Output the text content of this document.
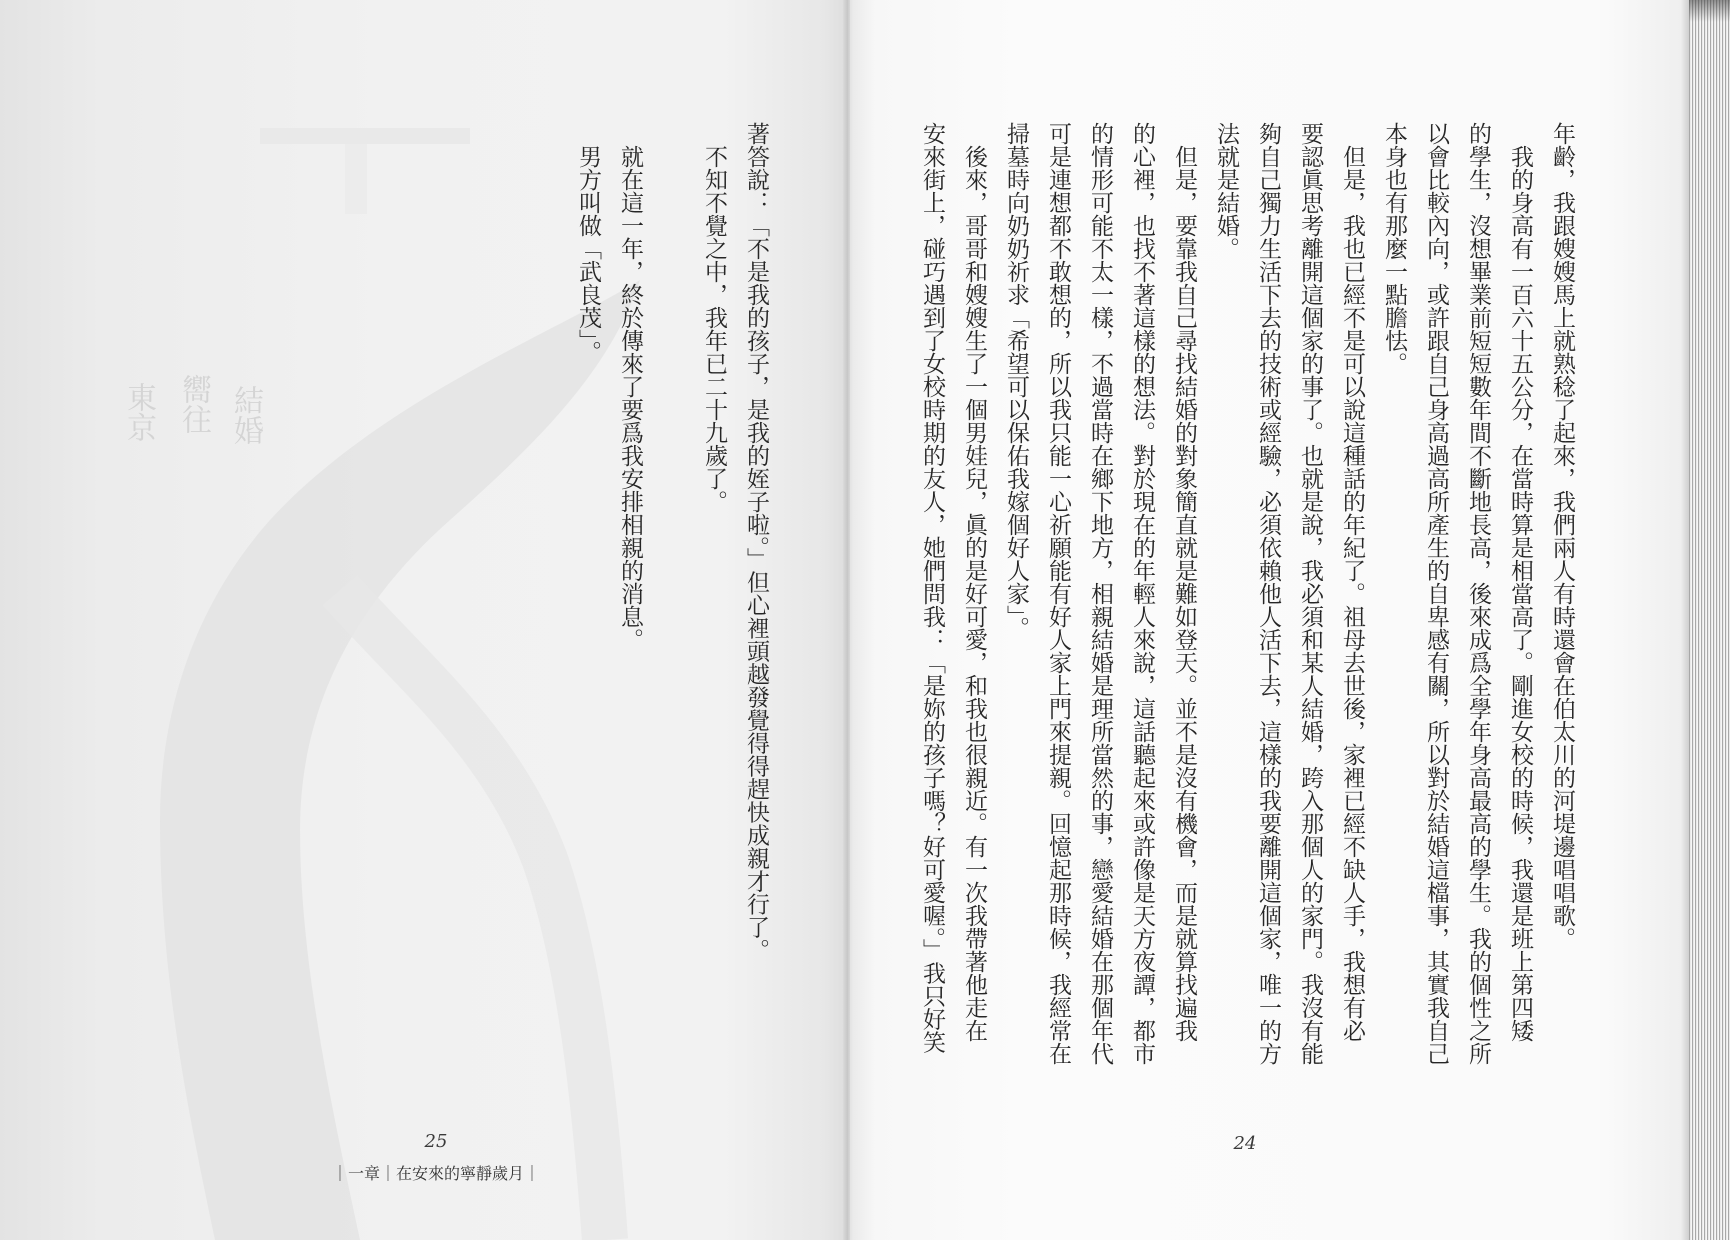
結婚
嚮往
東京	著答說：「不是我的孩子，是我的姪子啦。」但心裡頭越發覺得得趕快成親才行了。
不知不覺之中，我年已二十九歲了。
就在這一年，終於傳來了要爲我安排相親的消息。
男方叫做「武良茂」。
25
｜一章｜在安來的寧靜歲月｜
年齡，我跟嫂嫂馬上就熟稔了起來，我們兩人有時還會在伯太川的河堤邊唱唱歌。
我的身高有一百六十五公分，在當時算是相當高了。剛進女校的時候，我還是班上第四矮
的學生，沒想畢業前短短數年間不斷地長高，後來成爲全學年身高最高的學生。我的個性之所
以會比較內向，或許跟自己身高過高所產生的自卑感有關，所以對於結婚這檔事，其實我自己
本身也有那麼一點膽怯。
但是，我也已經不是可以說這種話的年紀了。祖母去世後，家裡已經不缺人手，我想有必
要認眞思考離開這個家的事了。也就是說，我必須和某人結婚，跨入那個人的家門。我沒有能
夠自己獨力生活下去的技術或經驗，必須依賴他人活下去，這樣的我要離開這個家，唯一的方
法就是結婚。
但是，要靠我自己尋找結婚的對象簡直就是難如登天。並不是沒有機會，而是就算找遍我
的心裡，也找不著這樣的想法。對於現在的年輕人來說，這話聽起來或許像是天方夜譚，都市
的情形可能不太一樣，不過當時在鄉下地方，相親結婚是理所當然的事，戀愛結婚在那個年代
可是連想都不敢想的，所以我只能一心祈願能有好人家上門來提親。回憶起那時候，我經常在
掃墓時向奶奶祈求「希望可以保佑我嫁個好人家」。
後來，哥哥和嫂嫂生了一個男娃兒，眞的是好可愛，和我也很親近。有一次我帶著他走在
安來街上，碰巧遇到了女校時期的友人，她們問我：「是妳的孩子嗎？好可愛喔。」我只好笑
24
